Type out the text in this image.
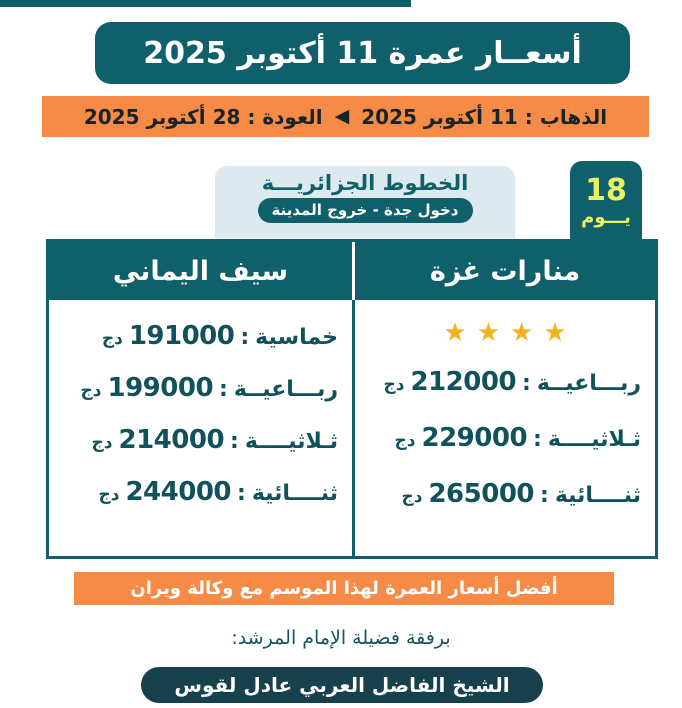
أسعــار عمرة 11 أكتوبر 2025
الذهاب : 11 أكتوبر 2025
◀
العودة : 28 أكتوبر 2025
الخطوط الجزائريـــة
دخول جدة - خروج المدينة
18
يـــوم
منارات غزة
سيف اليماني
★
★
★
★
ربـــاعيــة
:
212000
دج
ثـلاثيــــة
:
229000
دج
ثنــــائية
:
265000
دج
خماسية
:
191000
دج
ربـــاعيــة
:
199000
دج
ثـلاثيــــة
:
214000
دج
ثنــــائية
:
244000
دج
أفضل أسعار العمرة لهذا الموسم مع وكالة ويران
برفقة فضيلة الإمام المرشد:
الشيخ الفاضل العربي عادل لقوس
